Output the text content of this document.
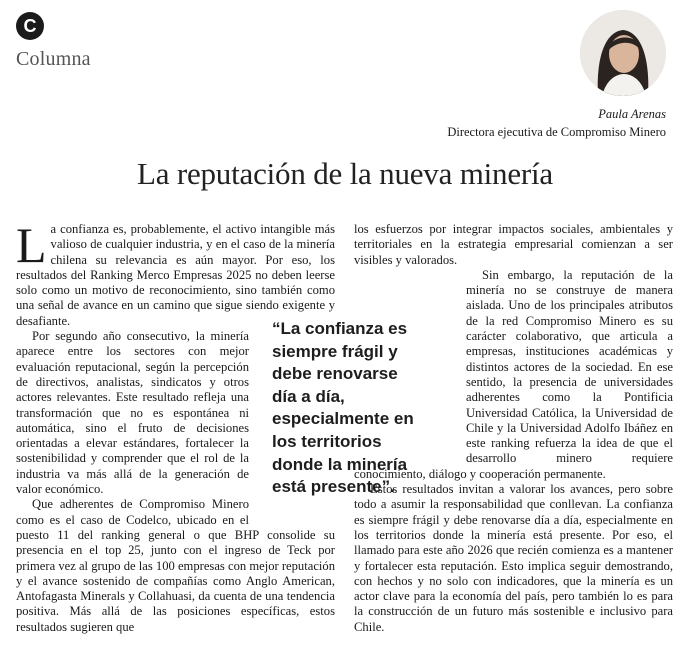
C
Columna
Paula Arenas
Directora ejecutiva de Compromiso Minero
La reputación de la nueva minería

La confianza es, probablemente, el activo intangible más valioso de cualquier industria, y en el caso de la minería chilena su relevancia es aún mayor. Por eso, los resultados del Ranking Merco Empresas 2025 no deben leerse solo como un motivo de reconocimiento, sino también como una señal de avance en un camino que sigue siendo exigente y desafiante.

Por segundo año consecutivo, la minería aparece entre los sectores con mejor evaluación reputacional, según la percepción de directivos, analistas, sindicatos y otros actores relevantes. Este resultado refleja una transformación que no es espontánea ni automática, sino el fruto de decisiones orientadas a elevar estándares, fortalecer la sostenibilidad y comprender que el rol de la industria va más allá de la generación de valor económico.

Que adherentes de Compromiso Minero como es el caso de Codelco, ubicado en el puesto 11 del ranking general o que BHP consolide su presencia en el top 25, junto con el ingreso de Teck por primera vez al grupo de las 100 empresas con mejor reputación y el avance sostenido de compañías como Anglo American, Antofagasta Minerals y Collahuasi, da cuenta de una tendencia positiva. Más allá de las posiciones específicas, estos resultados sugieren que

los esfuerzos por integrar impactos sociales, ambientales y territoriales en la estrategia empresarial comienzan a ser visibles y valorados.

Sin embargo, la reputación de la minería no se construye de manera aislada. Uno de los principales atributos de la red Compromiso Minero es su carácter colaborativo, que articula a empresas, instituciones académicas y distintos actores de la sociedad. En ese sentido, la presencia de universidades adherentes como la Pontificia Universidad Católica, la Universidad de Chile y la Universidad Adolfo Ibáñez en este ranking refuerza la idea de que el desarrollo minero requiere conocimiento, diálogo y cooperación permanente.

Estos resultados invitan a valorar los avances, pero sobre todo a asumir la responsabilidad que conllevan. La confianza es siempre frágil y debe renovarse día a día, especialmente en los territorios donde la minería está presente. Por eso, el llamado para este año 2026 que recién comienza es a mantener y fortalecer esta reputación. Esto implica seguir demostrando, con hechos y no solo con indicadores, que la minería es un actor clave para la economía del país, pero también lo es para la construcción de un futuro más sostenible e inclusivo para Chile.

“La confianza es siempre frágil y debe renovarse día a día, especialmente en los territorios donde la minería está presente”.
